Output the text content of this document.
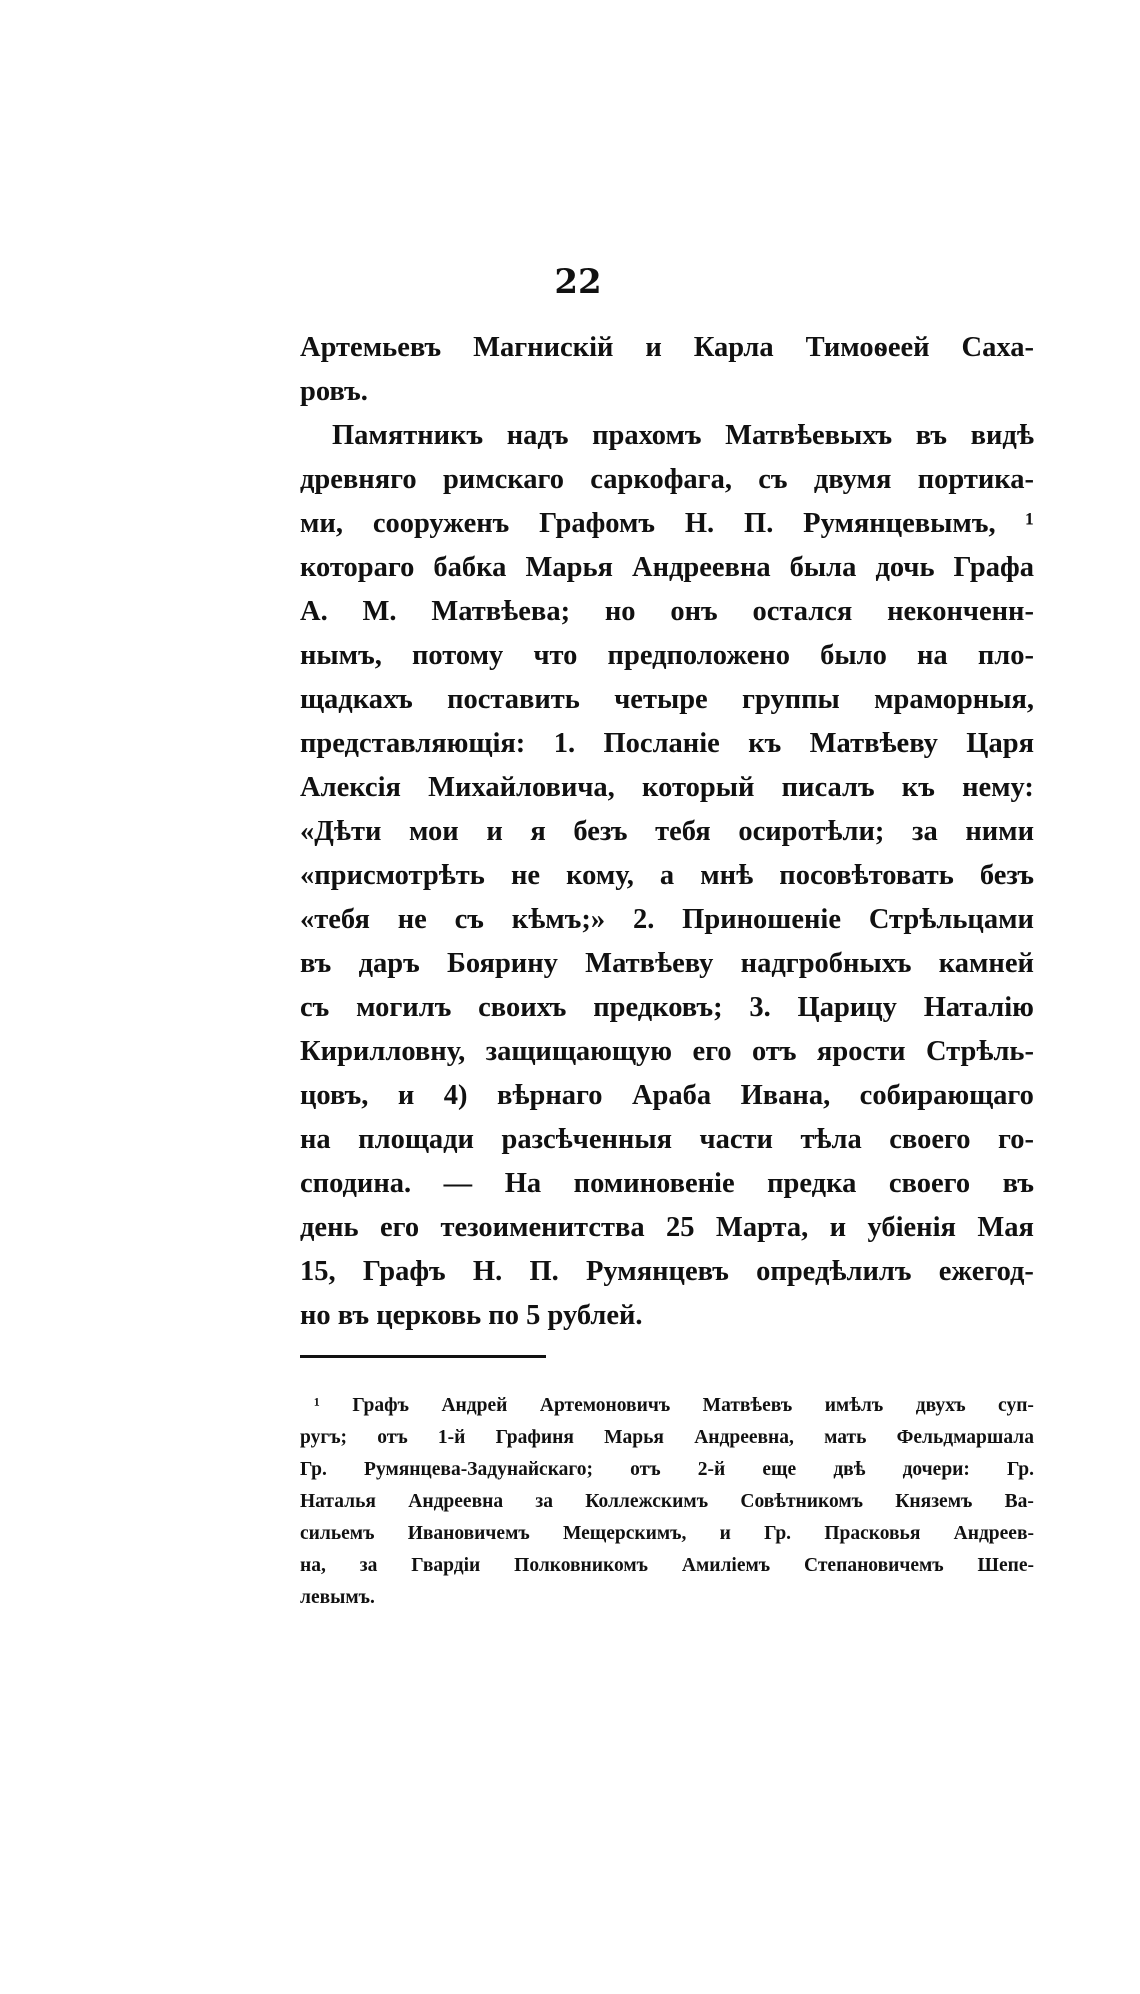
22
Артемьевъ Магнискій и Карла Тимоѳеей Саха-
ровъ.
Памятникъ надъ прахомъ Матвѣевыхъ въ видѣ
древняго римскаго саркофага, съ двумя портика-
ми, сооруженъ Графомъ Н. П. Румянцевымъ, ¹
котораго бабка Марья Андреевна была дочь Графа
А. М. Матвѣева; но онъ остался неконченн-
нымъ, потому что предположено было на пло-
щадкахъ поставить четыре группы мраморныя,
представляющія: 1. Посланіе къ Матвѣеву Царя
Алексія Михайловича, который писалъ къ нему:
«Дѣти мои и я безъ тебя осиротѣли; за ними
«присмотрѣть не кому, а мнѣ посовѣтовать безъ
«тебя не съ кѣмъ;» 2. Приношеніе Стрѣльцами
въ даръ Боярину Матвѣеву надгробныхъ камней
съ могилъ своихъ предковъ; 3. Царицу Наталію
Кирилловну, защищающую его отъ ярости Стрѣль-
цовъ, и 4) вѣрнаго Араба Ивана, собирающаго
на площади разсѣченныя части тѣла своего го-
сподина. — На поминовеніе предка своего въ
день его тезоименитства 25 Марта, и убіенія Мая
15, Графъ Н. П. Румянцевъ опредѣлилъ ежегод-
но въ церковь по 5 рублей.
¹ Графъ Андрей Артемоновичъ Матвѣевъ имѣлъ двухъ суп-
ругъ; отъ 1-й Графиня Марья Андреевна, мать Фельдмаршала
Гр. Румянцева-Задунайскаго; отъ 2-й еще двѣ дочери: Гр.
Наталья Андреевна за Коллежскимъ Совѣтникомъ Княземъ Ва-
сильемъ Ивановичемъ Мещерскимъ, и Гр. Прасковья Андреев-
на, за Гвардіи Полковникомъ Амиліемъ Степановичемъ Шепе-
левымъ.
